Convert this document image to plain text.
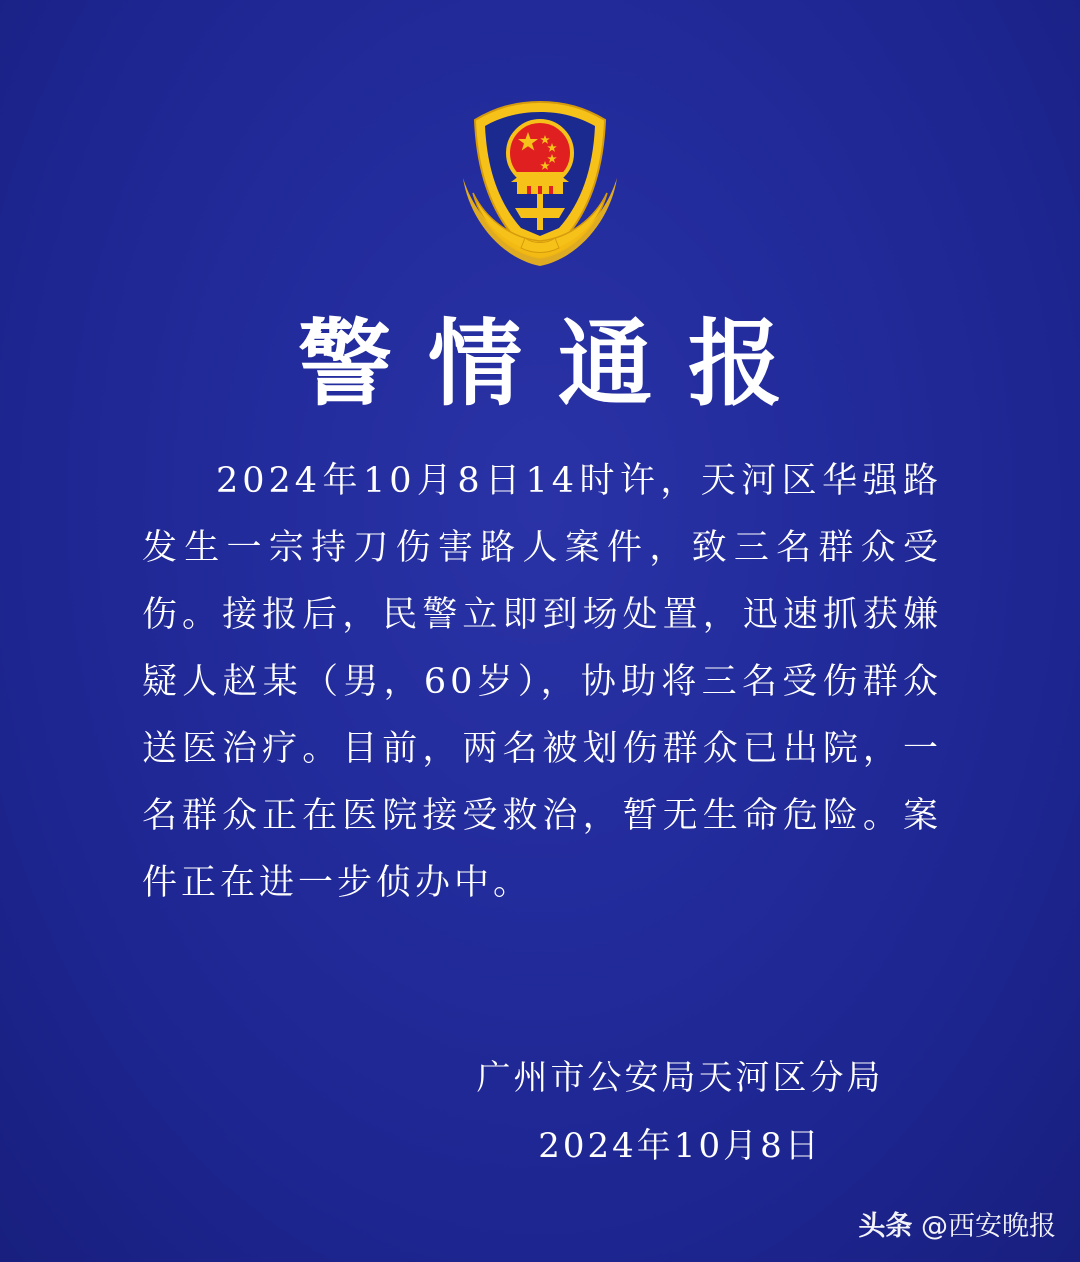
警情通报
2024年10月8日14时许，天河区华强路发生一宗持刀伤害路人案件，致三名群众受伤。接报后，民警立即到场处置，迅速抓获嫌疑人赵某（男，60岁），协助将三名受伤群众送医治疗。目前，两名被划伤群众已出院，一名群众正在医院接受救治，暂无生命危险。案件正在进一步侦办中。
广州市公安局天河区分局
2024年10月8日
头条 @西安晚报
